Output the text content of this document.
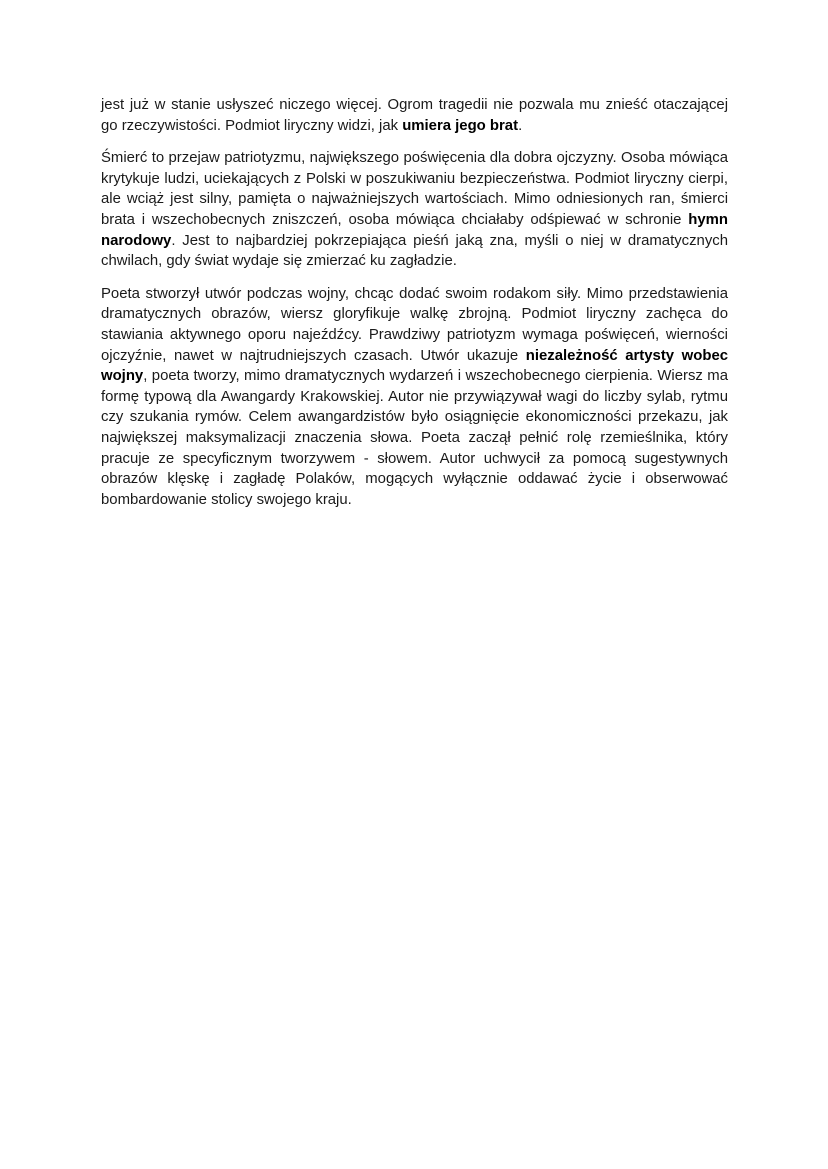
jest już w stanie usłyszeć niczego więcej. Ogrom tragedii nie pozwala mu znieść otaczającej go rzeczywistości. Podmiot liryczny widzi, jak umiera jego brat.

Śmierć to przejaw patriotyzmu, największego poświęcenia dla dobra ojczyzny. Osoba mówiąca krytykuje ludzi, uciekających z Polski w poszukiwaniu bezpieczeństwa. Podmiot liryczny cierpi, ale wciąż jest silny, pamięta o najważniejszych wartościach. Mimo odniesionych ran, śmierci brata i wszechobecnych zniszczeń, osoba mówiąca chciałaby odśpiewać w schronie hymn narodowy. Jest to najbardziej pokrzepiająca pieśń jaką zna, myśli o niej w dramatycznych chwilach, gdy świat wydaje się zmierzać ku zagładzie.

Poeta stworzył utwór podczas wojny, chcąc dodać swoim rodakom siły. Mimo przedstawienia dramatycznych obrazów, wiersz gloryfikuje walkę zbrojną. Podmiot liryczny zachęca do stawiania aktywnego oporu najeźdźcy. Prawdziwy patriotyzm wymaga poświęceń, wierności ojczyźnie, nawet w najtrudniejszych czasach. Utwór ukazuje niezależność artysty wobec wojny, poeta tworzy, mimo dramatycznych wydarzeń i wszechobecnego cierpienia. Wiersz ma formę typową dla Awangardy Krakowskiej. Autor nie przywiązywał wagi do liczby sylab, rytmu czy szukania rymów. Celem awangardzistów było osiągnięcie ekonomiczności przekazu, jak największej maksymalizacji znaczenia słowa. Poeta zaczął pełnić rolę rzemieślnika, który pracuje ze specyficznym tworzywem - słowem. Autor uchwycił za pomocą sugestywnych obrazów klęskę i zagładę Polaków, mogących wyłącznie oddawać życie i obserwować bombardowanie stolicy swojego kraju.
